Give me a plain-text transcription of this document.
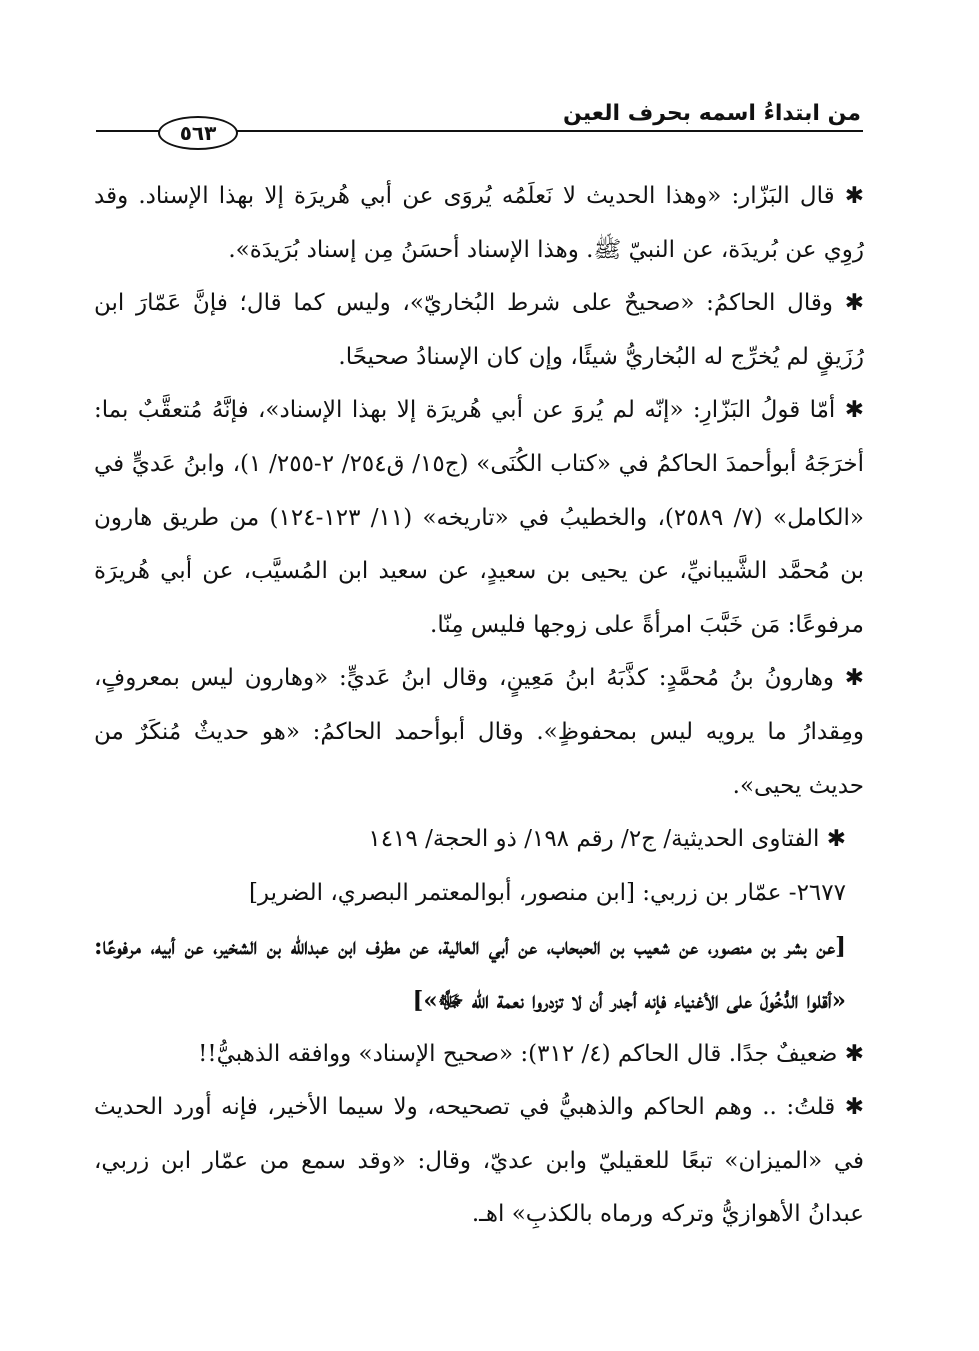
من ابتداءُ اسمه بحرف العين
٥٦٣

✱ قال البَزّار: «وهذا الحديث لا نَعلَمُه يُروَى عن أبي هُريرَة إلا بهذا الإسناد. وقد رُوِي عن بُريدَة، عن النبيّ ﷺ. وهذا الإسناد أحسَنُ مِن إسناد بُرَيدَة».

✱ وقال الحاكمُ: «صحيحٌ على شرط البُخاريّ»، وليس كما قال؛ فإنَّ عَمّارَ ابن رُزَيقٍ لم يُخرِّج له البُخاريُّ شيئًا، وإن كان الإسنادُ صحيحًا.

✱ أمّا قولُ البَزّارِ: «إنّه لم يُروَ عن أبي هُريرَة إلا بهذا الإسناد»، فإنَّهُ مُتعقَّبٌ بما: أخرَجَهُ أبوأحمدَ الحاكمُ في «كتاب الكُنَى» (ج١٥/ ق٢٥٤/ ٢-٢٥٥/ ١)، وابنُ عَديٍّ في «الكامل» (٧/ ٢٥٨٩)، والخطيبُ في «تاريخه» (١١/ ١٢٣-١٢٤) من طريق هارون بن مُحمَّد الشَّيبانيِّ، عن يحيى بن سعيدٍ، عن سعيد ابن المُسيَّب، عن أبي هُريرَة مرفوعًا: مَن خَبَّبَ امرأةً على زوجها فليس مِنّا.

✱ وهارونُ بنُ مُحمَّدٍ: كذَّبَهُ ابنُ مَعِينٍ، وقال ابنُ عَديٍّ: «وهارون ليس بمعروفٍ، ومِقدارُ ما يرويه ليس بمحفوظٍ». وقال أبوأحمد الحاكمُ: «هو حديثٌ مُنكَرٌ من حديث يحيى».

✱ الفتاوى الحديثية/ ج٢/ رقم ١٩٨/ ذو الحجة/ ١٤١٩

٢٦٧٧- عمّار بن زربي: [ابن منصور، أبوالمعتمر البصري، الضرير]

[عن بشر بن منصور، عن شعيب بن الحبحاب، عن أبي العالية، عن مطرف ابن عبدالله بن الشخير، عن أبيه، مرفوعًا: «أقلوا الدُّخُولَ على الأغنياء فإنه أجدر أن لا تزدروا نعمة الله ﷻ»]

✱ ضعيفٌ جدًا. قال الحاكم (٤/ ٣١٢): «صحيح الإسناد» ووافقه الذهبيُّ!!

✱ قلتُ: .. وهم الحاكم والذهبيُّ في تصحيحه، ولا سيما الأخير، فإنه أورد الحديث في «الميزان» تبعًا للعقيليّ وابن عديّ، وقال: «وقد سمع من عمّار ابن زربي، عبدانُ الأهوازيُّ وتركه ورماه بالكذبِ» اهـ.
